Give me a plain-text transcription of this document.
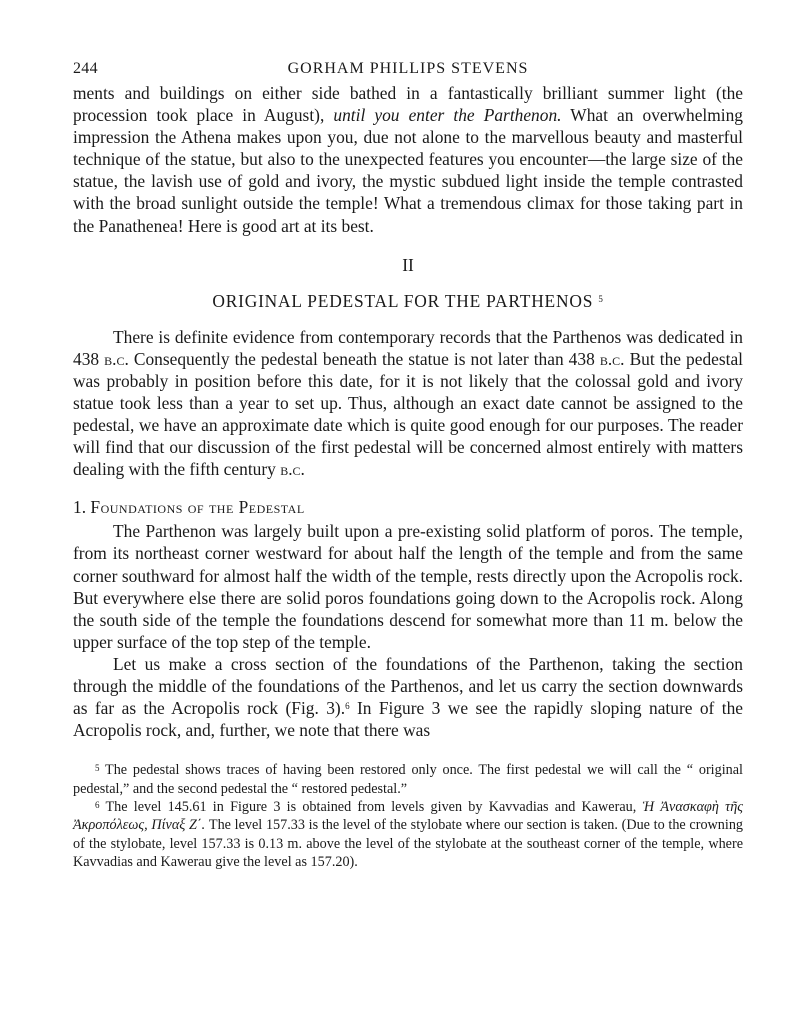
244	GORHAM PHILLIPS STEVENS

ments and buildings on either side bathed in a fantastically brilliant summer light (the procession took place in August), until you enter the Parthenon. What an overwhelming impression the Athena makes upon you, due not alone to the marvellous beauty and masterful technique of the statue, but also to the unexpected features you encounter—the large size of the statue, the lavish use of gold and ivory, the mystic subdued light inside the temple contrasted with the broad sunlight outside the temple! What a tremendous climax for those taking part in the Panathenea! Here is good art at its best.

II
ORIGINAL PEDESTAL FOR THE PARTHENOS $^5$

There is definite evidence from contemporary records that the Parthenos was dedicated in 438 b.c. Consequently the pedestal beneath the statue is not later than 438 b.c. But the pedestal was probably in position before this date, for it is not likely that the colossal gold and ivory statue took less than a year to set up. Thus, although an exact date cannot be assigned to the pedestal, we have an approximate date which is quite good enough for our purposes. The reader will find that our discussion of the first pedestal will be concerned almost entirely with matters dealing with the fifth century b.c.

1. Foundations of the Pedestal

The Parthenon was largely built upon a pre-existing solid platform of poros. The temple, from its northeast corner westward for about half the length of the temple and from the same corner southward for almost half the width of the temple, rests directly upon the Acropolis rock. But everywhere else there are solid poros foundations going down to the Acropolis rock. Along the south side of the temple the foundations descend for somewhat more than 11 m. below the upper surface of the top step of the temple.

Let us make a cross section of the foundations of the Parthenon, taking the section through the middle of the foundations of the Parthenos, and let us carry the section downwards as far as the Acropolis rock (Fig. 3).$^6$ In Figure 3 we see the rapidly sloping nature of the Acropolis rock, and, further, we note that there was

$^5$ The pedestal shows traces of having been restored only once. The first pedestal we will call the “ original pedestal,” and the second pedestal the “ restored pedestal.”

$^6$ The level 145.61 in Figure 3 is obtained from levels given by Kavvadias and Kawerau, Ἡ Ἀνασκαφὴ τῆς Ἀκροπόλεως, Πίναξ Ζ΄. The level 157.33 is the level of the stylobate where our section is taken. (Due to the crowning of the stylobate, level 157.33 is 0.13 m. above the level of the stylobate at the southeast corner of the temple, where Kavvadias and Kawerau give the level as 157.20).
